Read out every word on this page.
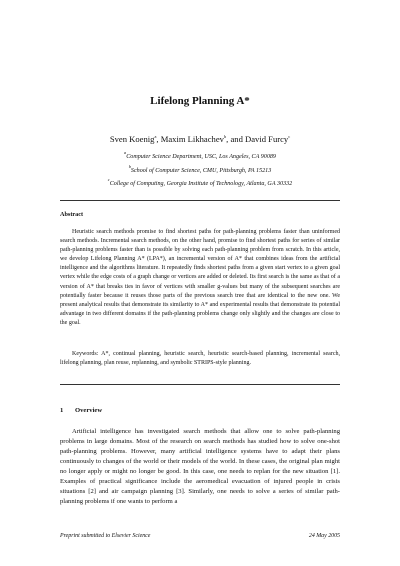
Lifelong Planning A*
Sven Koenig$^a$, Maxim Likhachev$^b$, and David Furcy$^c$
$^a$Computer Science Department, USC, Los Angeles, CA 90089
$^b$School of Computer Science, CMU, Pittsburgh, PA 15213
$^c$College of Computing, Georgia Institute of Technology, Atlanta, GA 30332
Abstract

Heuristic search methods promise to find shortest paths for path-planning problems faster than uninformed search methods. Incremental search methods, on the other hand, promise to find shortest paths for series of similar path-planning problems faster than is possible by solving each path-planning problem from scratch. In this article, we develop Lifelong Planning A* (LPA*), an incremental version of A* that combines ideas from the artificial intelligence and the algorithms literature. It repeatedly finds shortest paths from a given start vertex to a given goal vertex while the edge costs of a graph change or vertices are added or deleted. Its first search is the same as that of a version of A* that breaks ties in favor of vertices with smaller g-values but many of the subsequent searches are potentially faster because it reuses those parts of the previous search tree that are identical to the new one. We present analytical results that demonstrate its similarity to A* and experimental results that demonstrate its potential advantage in two different domains if the path-planning problems change only slightly and the changes are close to the goal.

Keywords: A*, continual planning, heuristic search, heuristic search-based planning, incremental search, lifelong planning, plan reuse, replanning, and symbolic STRIPS-style planning.

1 Overview

Artificial intelligence has investigated search methods that allow one to solve path-planning problems in large domains. Most of the research on search methods has studied how to solve one-shot path-planning problems. However, many artificial intelligence systems have to adapt their plans continuously to changes of the world or their models of the world. In these cases, the original plan might no longer apply or might no longer be good. In this case, one needs to replan for the new situation [1]. Examples of practical significance include the aeromedical evacuation of injured people in crisis situations [2] and air campaign planning [3]. Similarly, one needs to solve a series of similar path-planning problems if one wants to perform a

Preprint submitted to Elsevier Science	24 May 2005
